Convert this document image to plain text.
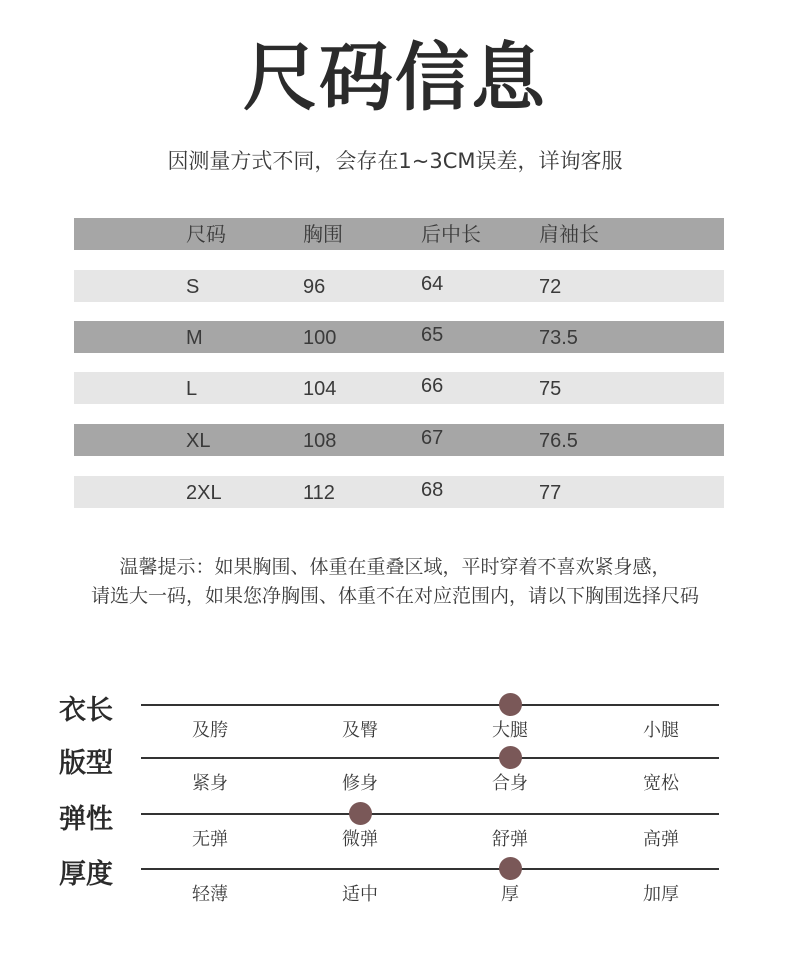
尺码信息
因测量方式不同，会存在1~3CM误差，详询客服
尺码	胸围	后中长	肩袖长
S	96	64	72
M	100	65	73.5
L	104	66	75
XL	108	67	76.5
2XL	112	68	77

温馨提示：如果胸围、体重在重叠区域，平时穿着不喜欢紧身感，

请选大一码，如果您净胸围、体重不在对应范围内，请以下胸围选择尺码

衣长
及胯	及臀	大腿	小腿
版型
紧身	修身	合身	宽松
弹性
无弹	微弹	舒弹	高弹
厚度
轻薄	适中	厚	加厚
